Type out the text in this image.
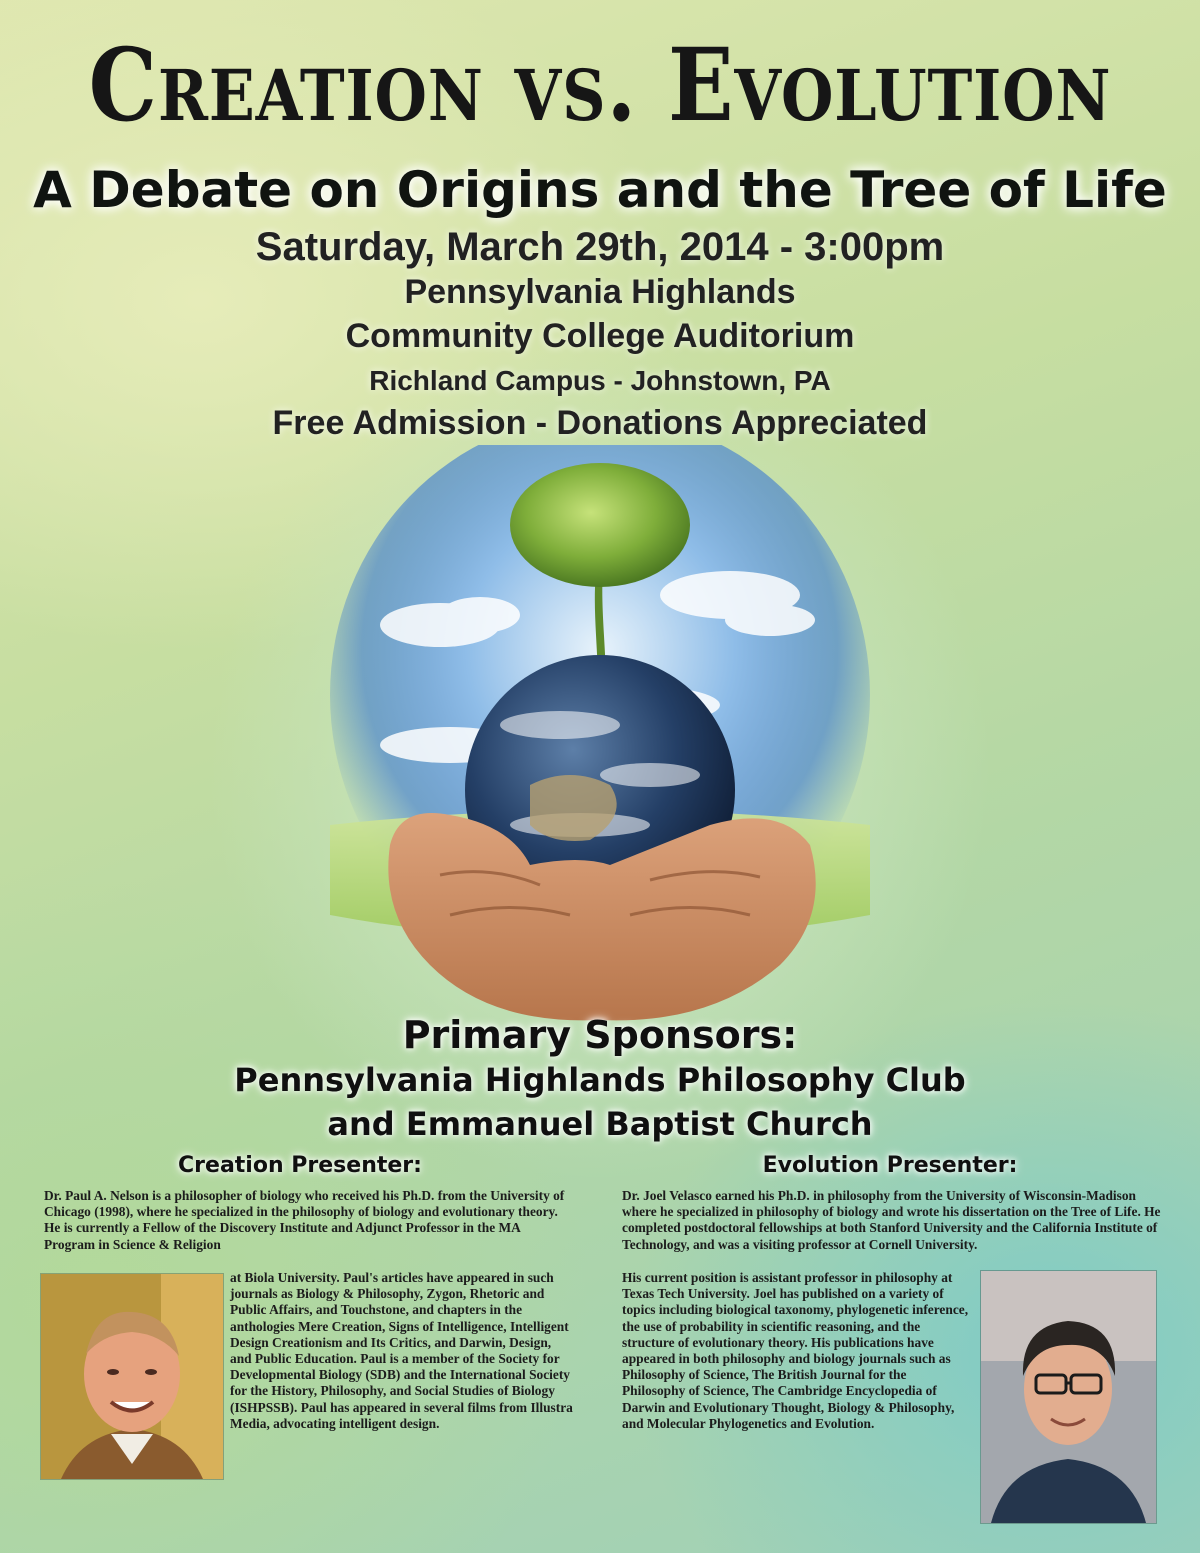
Creation vs. Evolution
A Debate on Origins and the Tree of Life
Saturday, March 29th, 2014 - 3:00pm
Pennsylvania Highlands
Community College Auditorium
Richland Campus - Johnstown, PA
Free Admission - Donations Appreciated
Primary Sponsors:
Pennsylvania Highlands Philosophy Club
and Emmanuel Baptist Church
Creation Presenter:	Evolution Presenter:

Dr. Paul A. Nelson is a philosopher of biology who received his Ph.D. from the University of Chicago (1998), where he specialized in the philosophy of biology and evolutionary theory. He is currently a Fellow of the Discovery Institute and Adjunct Professor in the MA Program in Science & Religion

at Biola University. Paul's articles have appeared in such journals as Biology & Philosophy, Zygon, Rhetoric and Public Affairs, and Touchstone, and chapters in the anthologies Mere Creation, Signs of Intelligence, Intelligent Design Creationism and Its Critics, and Darwin, Design, and Public Education. Paul is a member of the Society for Developmental Biology (SDB) and the International Society for the History, Philosophy, and Social Studies of Biology (ISHPSSB). Paul has appeared in several films from Illustra Media, advocating intelligent design.

Dr. Joel Velasco earned his Ph.D. in philosophy from the University of Wisconsin-Madison where he specialized in philosophy of biology and wrote his dissertation on the Tree of Life. He completed postdoctoral fellowships at both Stanford University and the California Institute of Technology, and was a visiting professor at Cornell University.

His current position is assistant professor in philosophy at Texas Tech University. Joel has published on a variety of topics including biological taxonomy, phylogenetic inference, the use of probability in scientific reasoning, and the structure of evolutionary theory. His publications have appeared in both philosophy and biology journals such as Philosophy of Science, The British Journal for the Philosophy of Science, The Cambridge Encyclopedia of Darwin and Evolutionary Thought, Biology & Philosophy, and Molecular Phylogenetics and Evolution.
